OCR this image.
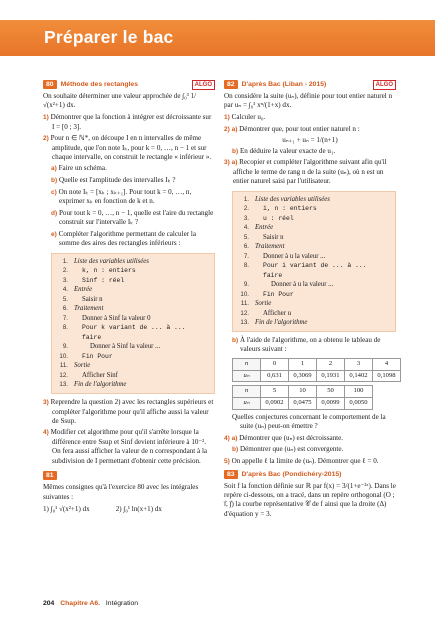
Préparer le bac
80	Méthode des rectangles	ALGO

On souhaite déterminer une valeur approchée de ∫₀³ 1/√(x²+1) dx.

1) Démontrer que la fonction à intégrer est décroissante sur I = [0 ; 3].

2) Pour n ∈ ℕ*, on découpe I en n intervalles de même amplitude, que l'on note Iₖ, pour k = 0, …, n − 1 et sur chaque intervalle, on construit le rectangle « inférieur ».

a) Faire un schéma.

b) Quelle est l'amplitude des intervalles Iₖ ?

c) On note Iₖ = [xₖ ; xₖ₊₁]. Pour tout k = 0, …, n, exprimer xₖ en fonction de k et n.

d) Pour tout k = 0, …, n − 1, quelle est l'aire du rectangle construit sur l'intervalle Iₖ ?

e) Compléter l'algorithme permettant de calculer la somme des aires des rectangles inférieurs :

1. Liste des variables utilisées
2.	k, n : entiers
3.	Sinf : réel
4. Entrée
5.	Saisir n
6. Traitement
7.	Donner à Sinf la valeur 0
8.	Pour k variant de ... à ... faire
9.	Donner à Sinf la valeur ...
10.	Fin Pour
11. Sortie
12.	Afficher Sinf
13. Fin de l'algorithme

3) Reprendre la question 2) avec les rectangles supérieurs et compléter l'algorithme pour qu'il affiche aussi la valeur de Ssup.

4) Modifier cet algorithme pour qu'il s'arrête lorsque la différence entre Ssup et Sinf devient inférieure à 10⁻². On fera aussi afficher la valeur de n correspondant à la subdivision de I permettant d'obtenir cette précision.

81

Mêmes consignes qu'à l'exercice 80 avec les intégrales suivantes :

1) ∫₀¹ √(x²+1) dx	2) ∫₀¹ ln(x+1) dx
82	D'après Bac (Liban - 2015)	ALGO

On considère la suite (uₙ), définie pour tout entier naturel n par uₙ = ∫₀¹ xⁿ/(1+x) dx.

1) Calculer u₀.

2) a) Démontrer que, pour tout entier naturel n :

uₙ₊₁ + uₙ = 1/(n+1)

b) En déduire la valeur exacte de u₁.

3) a) Recopier et compléter l'algorithme suivant afin qu'il affiche le terme de rang n de la suite (uₙ), où n est un entier naturel saisi par l'utilisateur.

1. Liste des variables utilisées
2.	i, n : entiers
3.	u : réel
4. Entrée
5.	Saisir n
6. Traitement
7.	Donner à u la valeur ...
8.	Pour i variant de ... à ... faire
9.	Donner à u la valeur ...
10.	Fin Pour
11. Sortie
12.	Afficher u
13. Fin de l'algorithme

b) À l'aide de l'algorithme, on a obtenu le tableau de valeurs suivant :

n	0	1	2	3	4
uₙ	0,631	0,3069	0,1931	0,1402	0,1098
n	5	10	50	100
uₙ	0,0902	0,0475	0,0099	0,0050

Quelles conjectures concernant le comportement de la suite (uₙ) peut-on émettre ?

4) a) Démontrer que (uₙ) est décroissante.

b) Démontrer que (uₙ) est convergente.

5) On appelle ℓ la limite de (uₙ). Démontrer que ℓ = 0.

83	D'après Bac (Pondichéry-2015)

Soit f la fonction définie sur ℝ par f(x) = 3/(1+e⁻²ˣ). Dans le repère ci-dessous, on a tracé, dans un repère orthogonal (O ; i⃗, j⃗) la courbe représentative 𝒞 de f ainsi que la droite (Δ) d'équation y = 3.

204 Chapitre A6. Intégration
